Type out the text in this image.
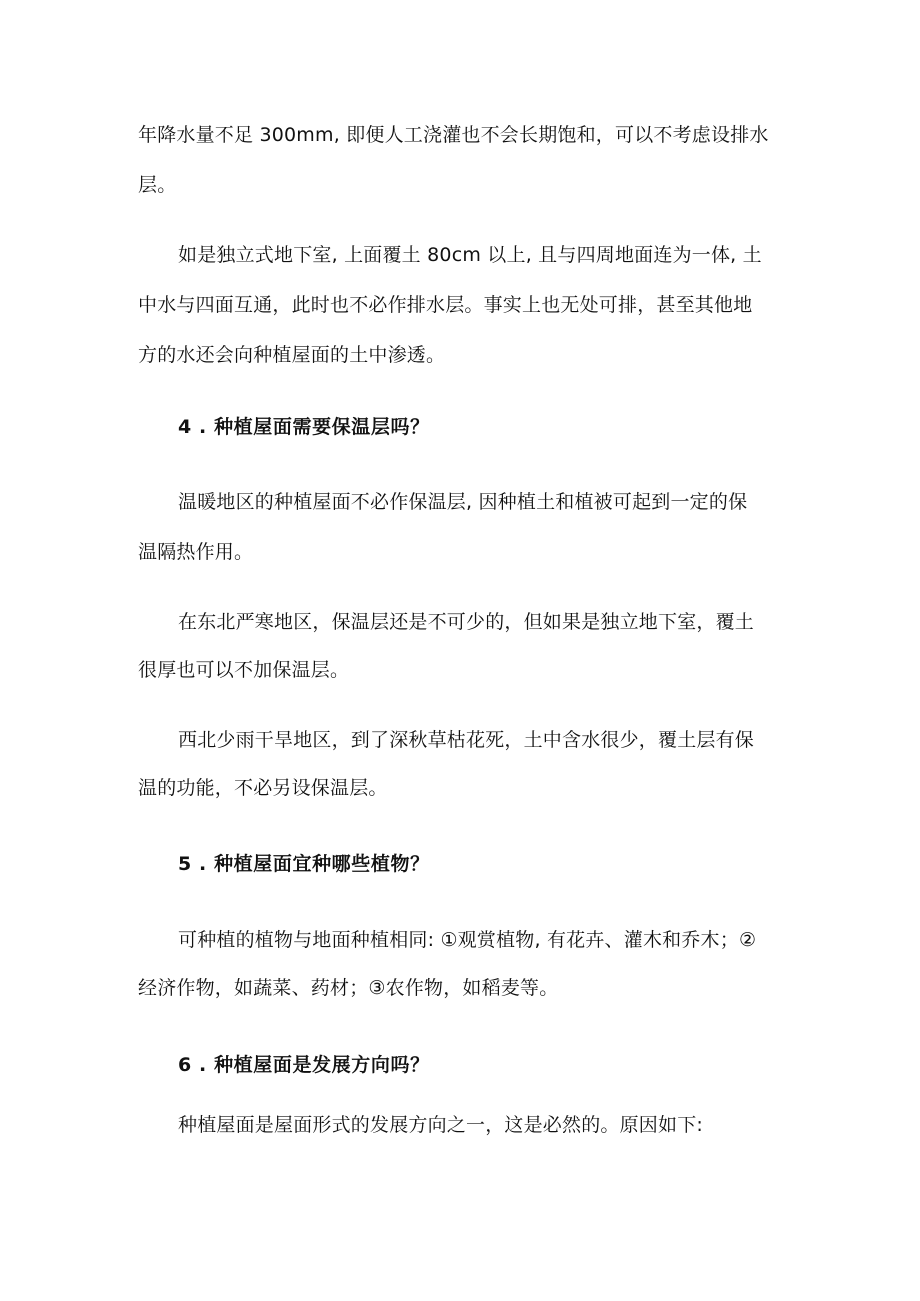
年降水量不足 300mm, 即便人工浇灌也不会长期饱和，可以不考虑设排水
层。
如是独立式地下室, 上面覆土 80cm 以上, 且与四周地面连为一体, 土
中水与四面互通，此时也不必作排水层。事实上也无处可排，甚至其他地
方的水还会向种植屋面的土中渗透。
4 . 种植屋面需要保温层吗？
温暖地区的种植屋面不必作保温层, 因种植土和植被可起到一定的保
温隔热作用。
在东北严寒地区，保温层还是不可少的，但如果是独立地下室，覆土
很厚也可以不加保温层。
西北少雨干旱地区，到了深秋草枯花死，土中含水很少，覆土层有保
温的功能，不必另设保温层。
5 . 种植屋面宜种哪些植物？
可种植的植物与地面种植相同: ①观赏植物, 有花卉、灌木和乔木；②
经济作物，如蔬菜、药材；③农作物，如稻麦等。
6 . 种植屋面是发展方向吗？
种植屋面是屋面形式的发展方向之一，这是必然的。原因如下:
